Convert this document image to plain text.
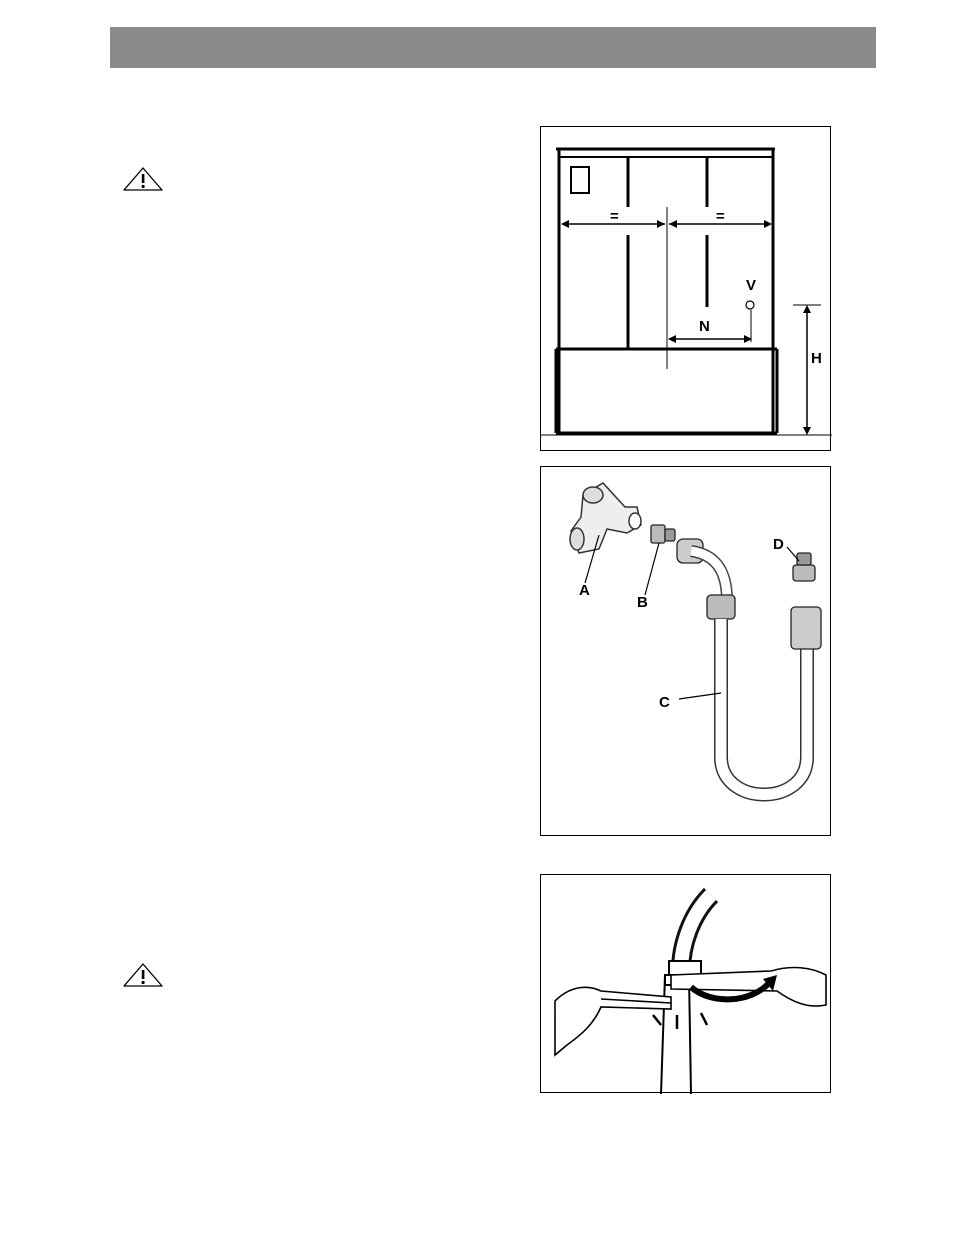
=	=
V
N
H
A
B
C
D
